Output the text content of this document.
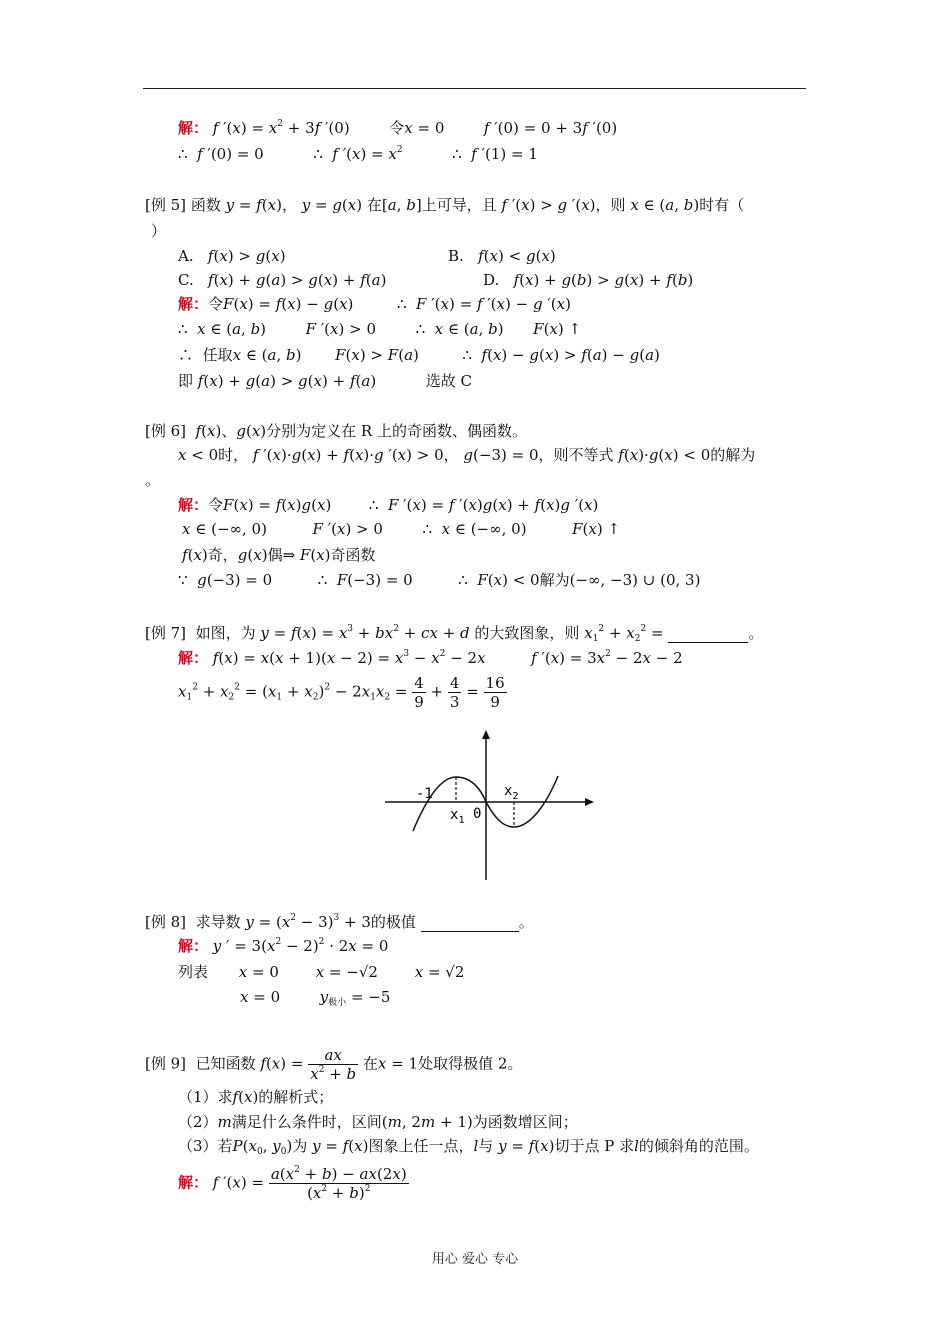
解： f $'(x) = x^2 + 3f$ ′(0)  令x = 0  f ′(0) = 0 + 3f ′(0)
∴ f ′(0) = 0	∴ f $'(x) = x^2$	∴ f ′(1) = 1
[例 5] 函数 y = f(x)， y = g(x) 在[a, b]上可导，且 f ′(x) > g ′(x)，则 x ∈ (a, b)时有（
）
A. f(x) > g(x)	B. f(x) < g(x)
C. f(x) + g(a) > g(x) + f(a)	D. f(x) + g(b) > g(x) + f(b)
解：令F(x) = f(x) − g(x)	∴ F ′(x) = f ′(x) − g ′(x)
∴ x ∈ (a, b)  F ′(x) > 0  ∴ x ∈ (a, b)  F(x) ↑
∴ 任取x ∈ (a, b)  F(x) > F(a)	∴ f(x) − g(x) > f(a) − g(a)
即 f(x) + g(a) > g(x) + f(a)	选故 C
[例 6] f(x)、g(x)分别为定义在 R 上的奇函数、偶函数。
x < 0时， f ′(x)·g(x) + f(x)·g ′(x) > 0， g(−3) = 0，则不等式 f(x)·g(x) < 0的解为
。
解：令F(x) = f(x)g(x)  ∴ F ′(x) = f ′(x)g(x) + f(x)g ′(x)
x ∈ (−∞, 0)	F ′(x) > 0  ∴ x ∈ (−∞, 0)	F(x) ↑
f(x)奇，g(x)偶⇒ F(x)奇函数
∵ g(−3) = 0	∴ F(−3) = 0	∴ F(x) < 0解为(−∞, −3) ∪ (0, 3)
[例 7] 如图，为 $y = f(x) = x^3 + bx^2$ + cx + d 的大致图象，则 $x_1^2 + x_2^2$ =	。
解： $f(x) = x(x + 1)(x - 2) = x^3 - x^2 - 2x$	f $'(x) = 3x^2 - 2x - 2$
$x_1^2 + x_2^2 = (x_1 + x_2)^2 - 2x_1x_2 = \frac{4}{9} + \frac{4}{3} = \frac{16}{9}$
-1
$x_1$ 0
$x_2$
[例 8] 求导数 $y = (x^2 - 3)^3 + 3$的极值	。
解： y ′ = $3(x^2 - 2)^2 \cdot 2x = 0$
列表 x = 0 x = −√2 x = √2
x = 0  $y_{极小} = -5$
[例 9] 已知函数 $f(x) = \frac{ax}{x^2 + b}$ 在x = 1处取得极值 2。
（1）求f(x)的解析式；
（2）m满足什么条件时，区间(m, 2m + 1)为函数增区间；
（3）若$P(x_0$, $y_0$)为 y = f(x)图象上任一点，l与 y = f(x)切于点 P 求l的倾斜角的范围。
解： f $'(x) = \frac{a(x^2 + b) - ax(2x)}{(x^2 + b)^2}$
用心 爱心 专心
